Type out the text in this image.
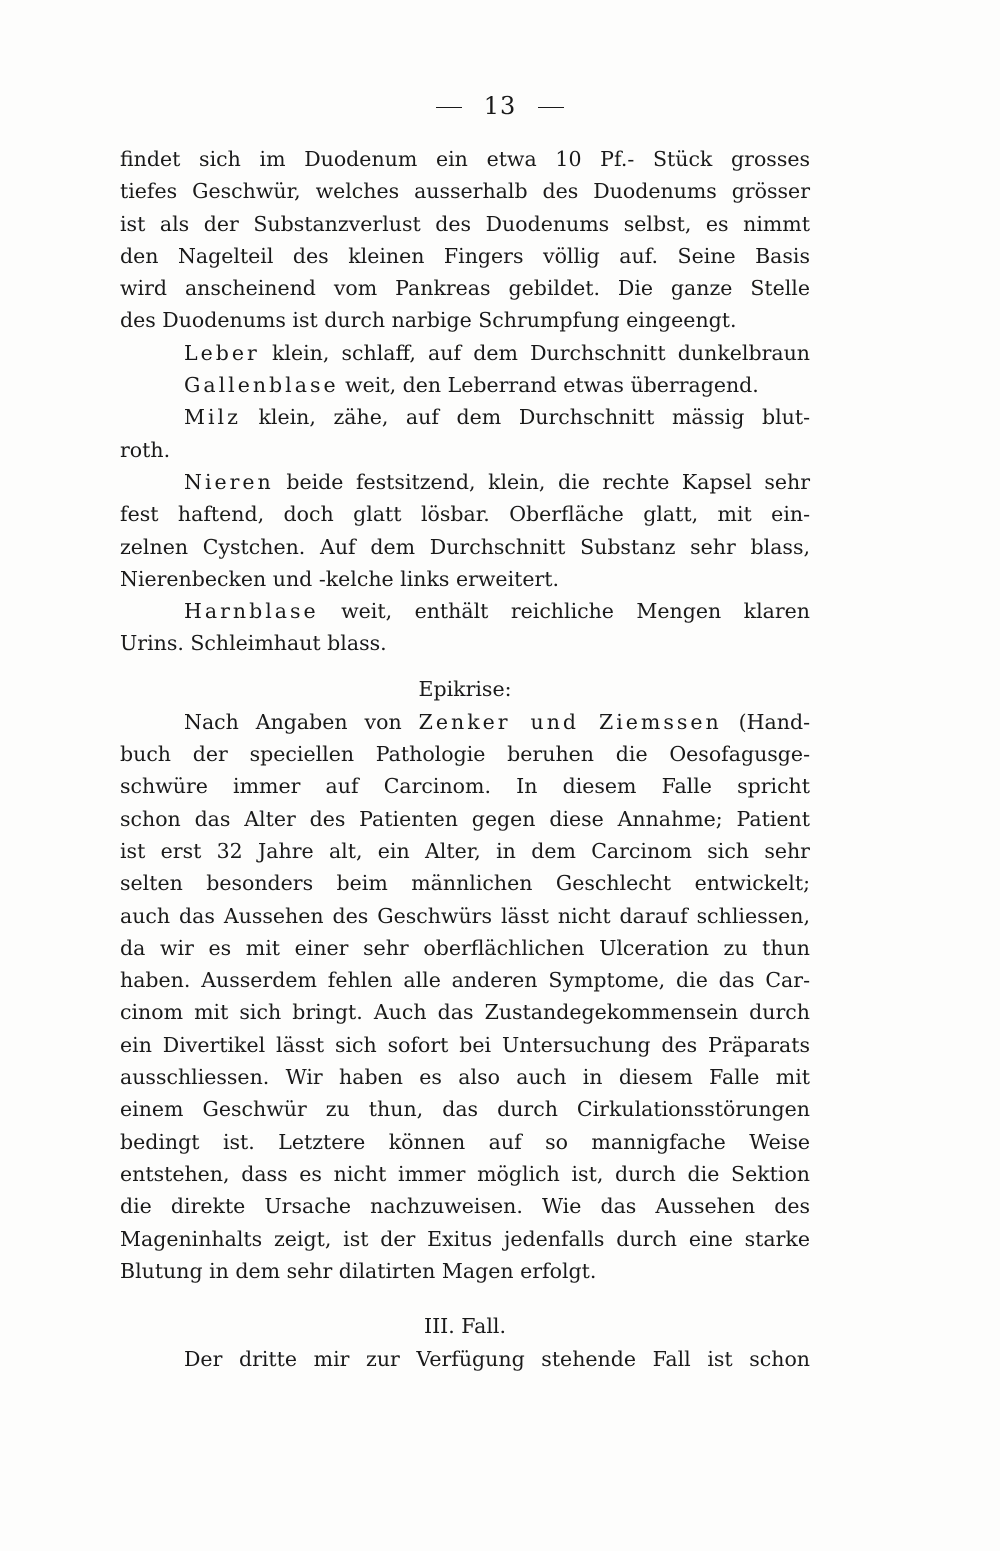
13
findet sich im Duodenum ein etwa 10 Pf.- Stück grosses
tiefes Geschwür, welches ausserhalb des Duodenums grösser
ist als der Substanzverlust des Duodenums selbst, es nimmt
den Nagelteil des kleinen Fingers völlig auf. Seine Basis
wird anscheinend vom Pankreas gebildet. Die ganze Stelle
des Duodenums ist durch narbige Schrumpfung eingeengt.
Leber klein, schlaff, auf dem Durchschnitt dunkelbraun
Gallenblase weit, den Leberrand etwas überragend.
Milz klein, zähe, auf dem Durchschnitt mässig blut-
roth.
Nieren beide festsitzend, klein, die rechte Kapsel sehr
fest haftend, doch glatt lösbar. Oberfläche glatt, mit ein-
zelnen Cystchen. Auf dem Durchschnitt Substanz sehr blass,
Nierenbecken und -kelche links erweitert.
Harnblase weit, enthält reichliche Mengen klaren
Urins. Schleimhaut blass.
Epikrise:
Nach Angaben von Zenker und Ziemssen (Hand-
buch der speciellen Pathologie beruhen die Oesofagusge-
schwüre immer auf Carcinom. In diesem Falle spricht
schon das Alter des Patienten gegen diese Annahme; Patient
ist erst 32 Jahre alt, ein Alter, in dem Carcinom sich sehr
selten besonders beim männlichen Geschlecht entwickelt;
auch das Aussehen des Geschwürs lässt nicht darauf schliessen,
da wir es mit einer sehr oberflächlichen Ulceration zu thun
haben. Ausserdem fehlen alle anderen Symptome, die das Car-
cinom mit sich bringt. Auch das Zustandegekommensein durch
ein Divertikel lässt sich sofort bei Untersuchung des Präparats
ausschliessen. Wir haben es also auch in diesem Falle mit
einem Geschwür zu thun, das durch Cirkulationsstörungen
bedingt ist. Letztere können auf so mannigfache Weise
entstehen, dass es nicht immer möglich ist, durch die Sektion
die direkte Ursache nachzuweisen. Wie das Aussehen des
Mageninhalts zeigt, ist der Exitus jedenfalls durch eine starke
Blutung in dem sehr dilatirten Magen erfolgt.
III. Fall.
Der dritte mir zur Verfügung stehende Fall ist schon
